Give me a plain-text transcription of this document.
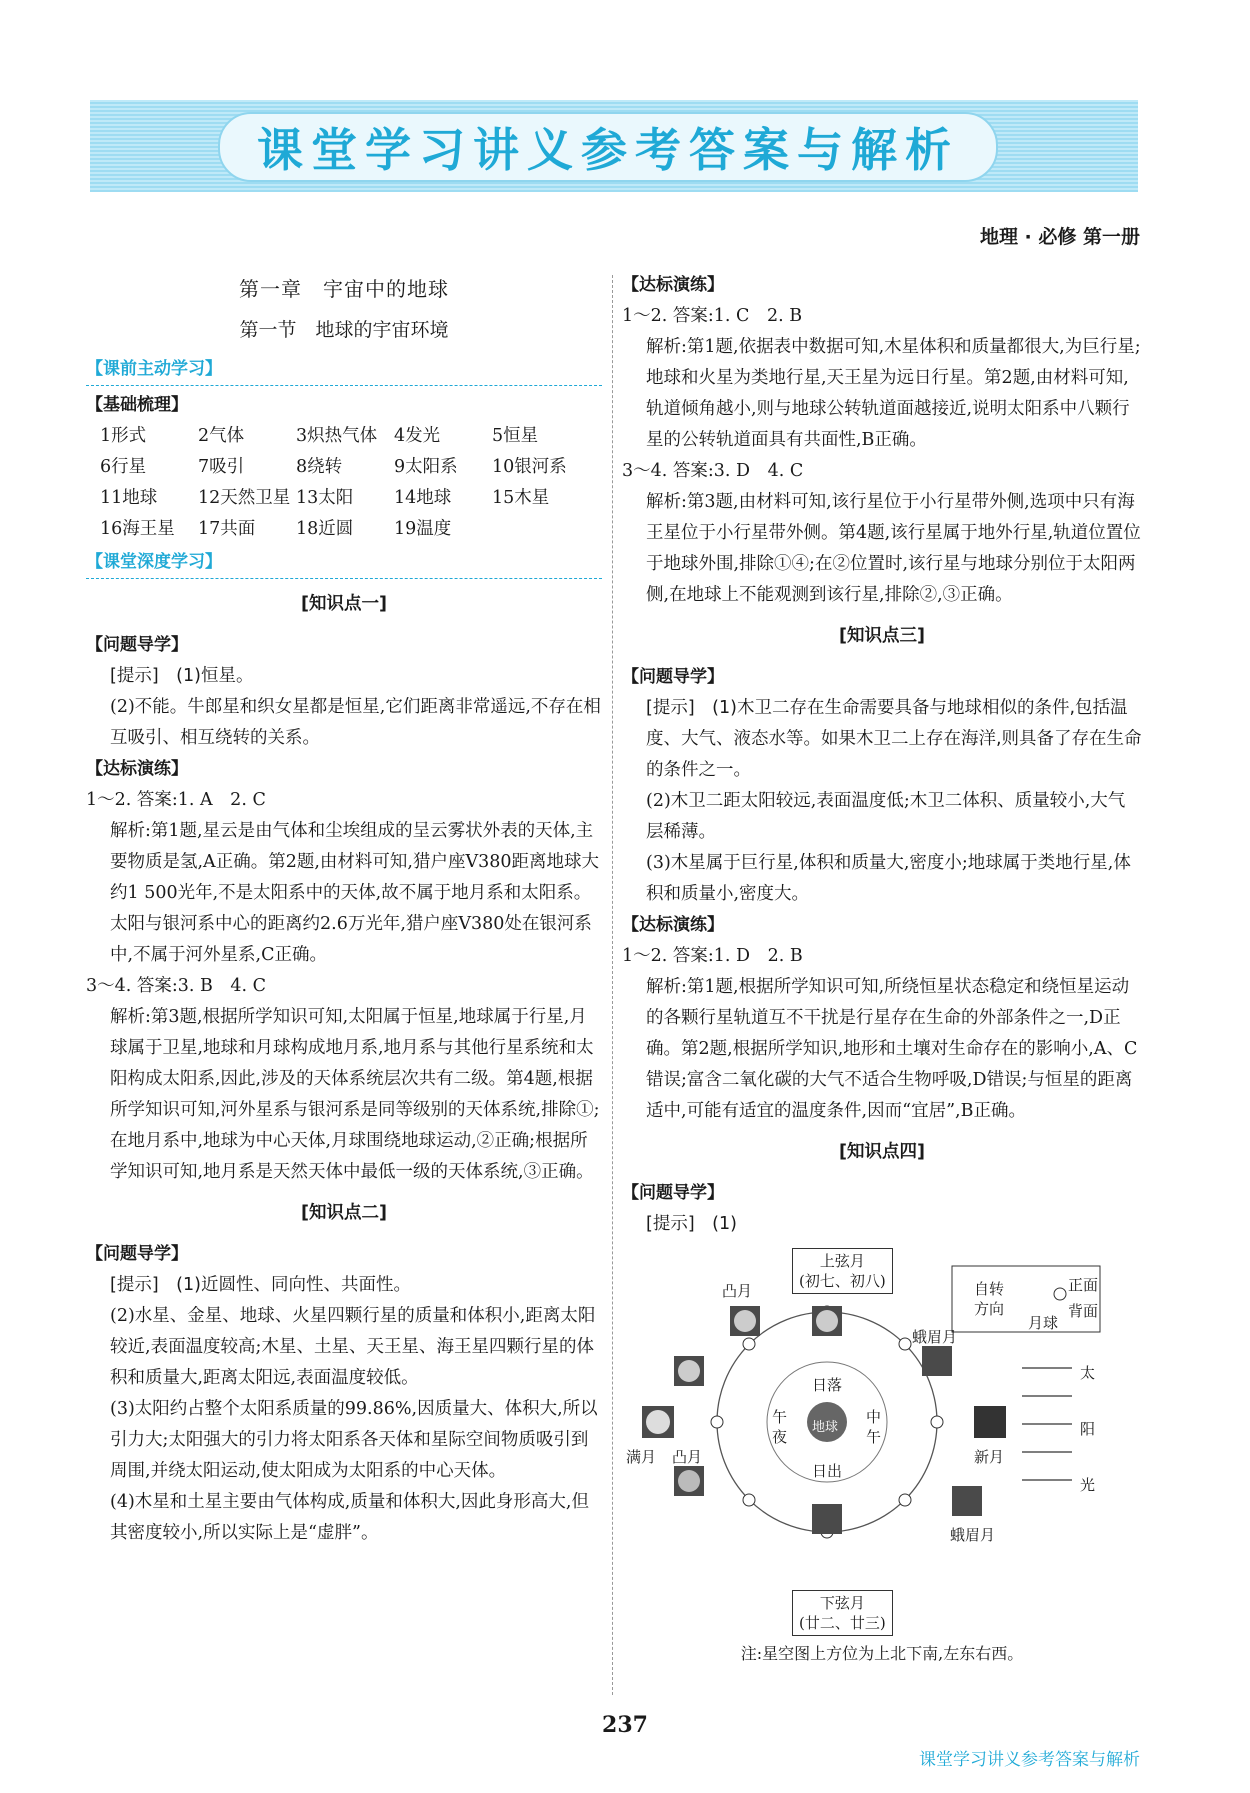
课堂学习讲义参考答案与解析
地理 · 必修 第一册
第一章　宇宙中的地球
第一节　地球的宇宙环境
【课前主动学习】
【基础梳理】
1形式	2气体	3炽热气体 4发光	5恒星
6行星	7吸引	8绕转	9太阳系	10银河系
11地球	12天然卫星 13太阳	14地球	15木星
16海王星	17共面	18近圆	19温度
【课堂深度学习】
[知识点一]
【问题导学】
[提示]　(1)恒星。
(2)不能。牛郎星和织女星都是恒星,它们距离非常遥远,不存在相互吸引、相互绕转的关系。
【达标演练】
1～2. 答案:1. A　2. C
解析:第1题,星云是由气体和尘埃组成的呈云雾状外表的天体,主要物质是氢,A正确。第2题,由材料可知,猎户座V380距离地球大约1 500光年,不是太阳系中的天体,故不属于地月系和太阳系。太阳与银河系中心的距离约2.6万光年,猎户座V380处在银河系中,不属于河外星系,C正确。
3～4. 答案:3. B　4. C
解析:第3题,根据所学知识可知,太阳属于恒星,地球属于行星,月球属于卫星,地球和月球构成地月系,地月系与其他行星系统和太阳构成太阳系,因此,涉及的天体系统层次共有二级。第4题,根据所学知识可知,河外星系与银河系是同等级别的天体系统,排除①;在地月系中,地球为中心天体,月球围绕地球运动,②正确;根据所学知识可知,地月系是天然天体中最低一级的天体系统,③正确。
[知识点二]
【问题导学】
[提示]　(1)近圆性、同向性、共面性。
(2)水星、金星、地球、火星四颗行星的质量和体积小,距离太阳较近,表面温度较高;木星、土星、天王星、海王星四颗行星的体积和质量大,距离太阳远,表面温度较低。
(3)太阳约占整个太阳系质量的99.86%,因质量大、体积大,所以引力大;太阳强大的引力将太阳系各天体和星际空间物质吸引到周围,并绕太阳运动,使太阳成为太阳系的中心天体。
(4)木星和土星主要由气体构成,质量和体积大,因此身形高大,但其密度较小,所以实际上是“虚胖”。
【达标演练】
1～2. 答案:1. C　2. B
解析:第1题,依据表中数据可知,木星体积和质量都很大,为巨行星;地球和火星为类地行星,天王星为远日行星。第2题,由材料可知,轨道倾角越小,则与地球公转轨道面越接近,说明太阳系中八颗行星的公转轨道面具有共面性,B正确。
3～4. 答案:3. D　4. C
解析:第3题,由材料可知,该行星位于小行星带外侧,选项中只有海王星位于小行星带外侧。第4题,该行星属于地外行星,轨道位置位于地球外围,排除①④;在②位置时,该行星与地球分别位于太阳两侧,在地球上不能观测到该行星,排除②,③正确。
[知识点三]
【问题导学】
[提示]　(1)木卫二存在生命需要具备与地球相似的条件,包括温度、大气、液态水等。如果木卫二上存在海洋,则具备了存在生命的条件之一。
(2)木卫二距太阳较远,表面温度低;木卫二体积、质量较小,大气层稀薄。
(3)木星属于巨行星,体积和质量大,密度小;地球属于类地行星,体积和质量小,密度大。
【达标演练】
1～2. 答案:1. D　2. B
解析:第1题,根据所学知识可知,所绕恒星状态稳定和绕恒星运动的各颗行星轨道互不干扰是行星存在生命的外部条件之一,D正确。第2题,根据所学知识,地形和土壤对生命存在的影响小,A、C错误;富含二氧化碳的大气不适合生物呼吸,D错误;与恒星的距离适中,可能有适宜的温度条件,因而“宜居”,B正确。
[知识点四]
【问题导学】
[提示]　(1)
上弦月
(初七、初八)
下弦月
(廿二、廿三)
凸月
蛾眉月
满月	新月
凸月
蛾眉月
日落
日出
午
夜
中
午
地球
自转
方向
正面
背面
月球
太
阳
光
注:星空图上方位为上北下南,左东右西。
237
课堂学习讲义参考答案与解析
